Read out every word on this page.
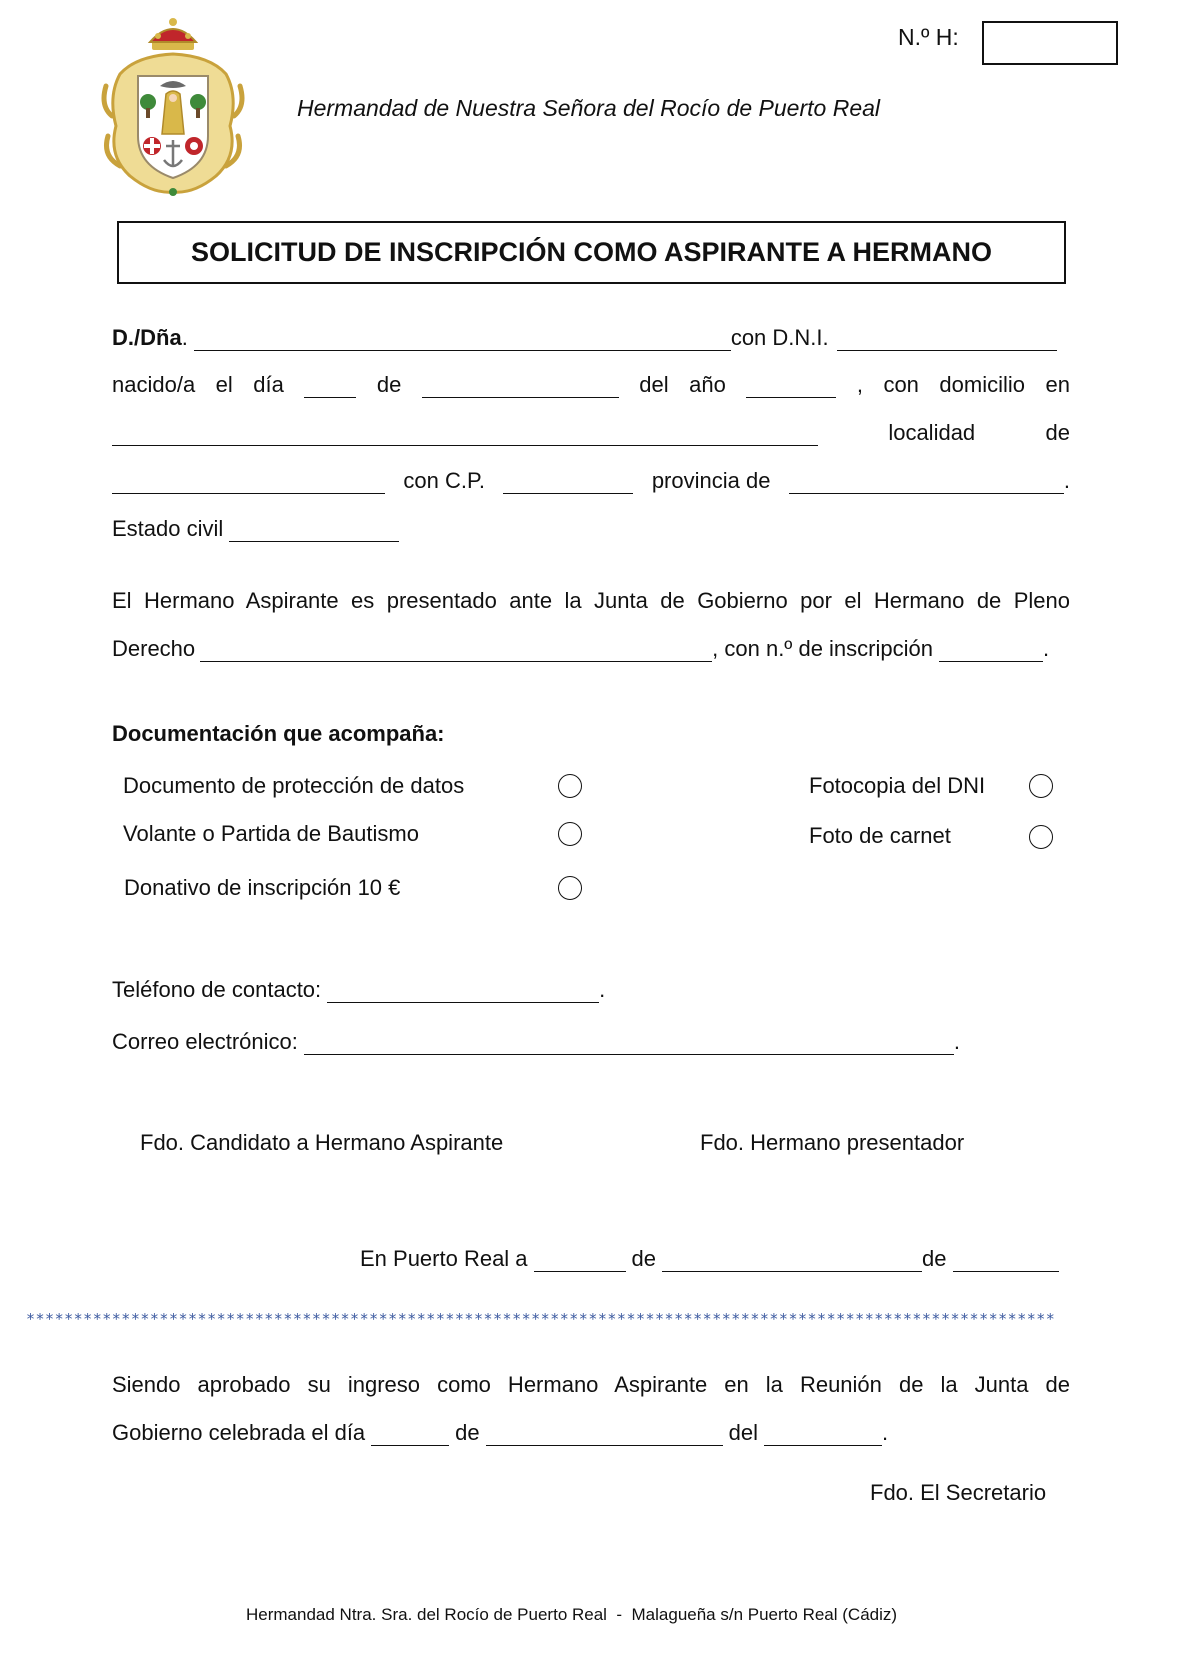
N.º H:
Hermandad de Nuestra Señora del Rocío de Puerto Real
SOLICITUD DE INSCRIPCIÓN COMO ASPIRANTE A HERMANO
D./Dña .	con D.N.I.
nacido/a el día	de	del año	, con domicilio en
localidad	de
con C.P.	provincia de	.
Estado civil
El Hermano Aspirante es presentado ante la Junta de Gobierno por el Hermano de Pleno
Derecho	, con n.º de inscripción	.
Documentación que acompaña:
Documento de protección de datos
Volante o Partida de Bautismo
Donativo de inscripción 10 €
Fotocopia del DNI
Foto de carnet
Teléfono de contacto:	.
Correo electrónico:	.
Fdo. Candidato a Hermano Aspirante	Fdo. Hermano presentador
En Puerto Real a	de	de
************************************************************************************************************
Siendo aprobado su ingreso como Hermano Aspirante en la Reunión de la Junta de
Gobierno celebrada el día	de	del	.
Fdo. El Secretario
Hermandad Ntra. Sra. del Rocío de Puerto Real  -  Malagueña s/n Puerto Real (Cádiz)
